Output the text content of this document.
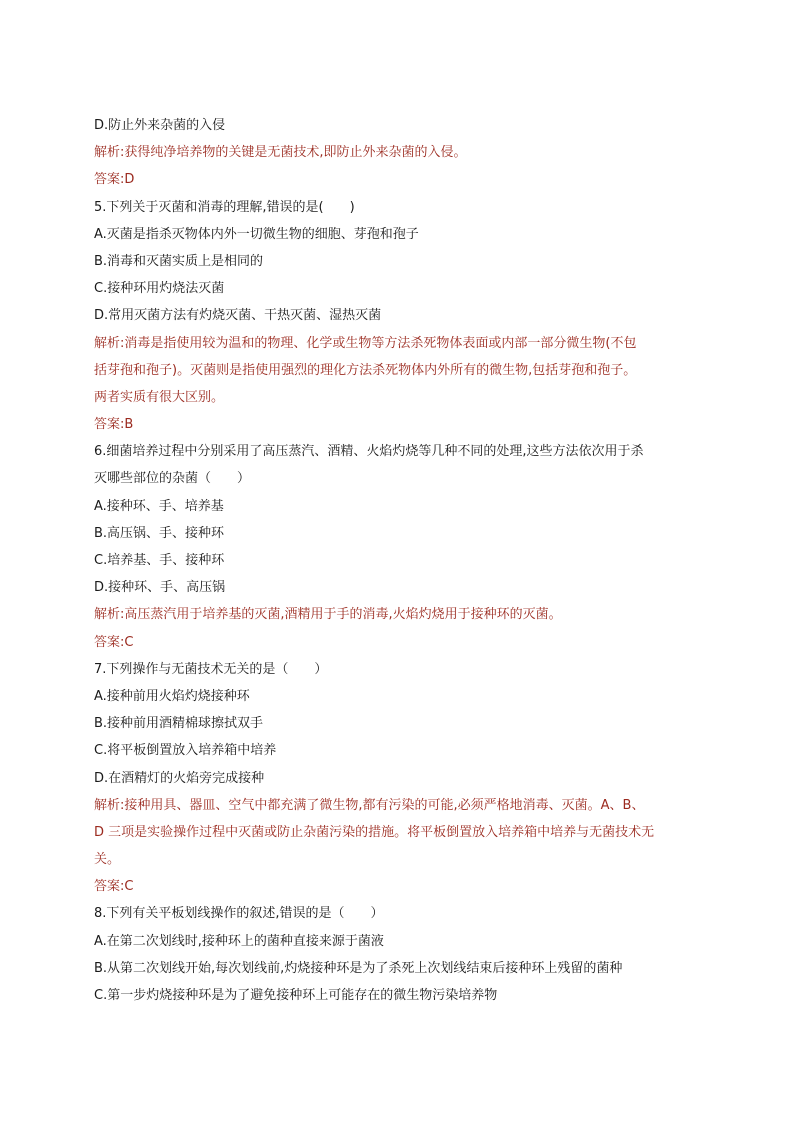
D.防止外来杂菌的入侵
解析:获得纯净培养物的关键是无菌技术,即防止外来杂菌的入侵。
答案:D
5.下列关于灭菌和消毒的理解,错误的是(　　)
A.灭菌是指杀灭物体内外一切微生物的细胞、芽孢和孢子
B.消毒和灭菌实质上是相同的
C.接种环用灼烧法灭菌
D.常用灭菌方法有灼烧灭菌、干热灭菌、湿热灭菌
解析:消毒是指使用较为温和的物理、化学或生物等方法杀死物体表面或内部一部分微生物(不包
括芽孢和孢子)。灭菌则是指使用强烈的理化方法杀死物体内外所有的微生物,包括芽孢和孢子。
两者实质有很大区别。
答案:B
6.细菌培养过程中分别采用了高压蒸汽、酒精、火焰灼烧等几种不同的处理,这些方法依次用于杀
灭哪些部位的杂菌（　　）
A.接种环、手、培养基
B.高压锅、手、接种环
C.培养基、手、接种环
D.接种环、手、高压锅
解析:高压蒸汽用于培养基的灭菌,酒精用于手的消毒,火焰灼烧用于接种环的灭菌。
答案:C
7.下列操作与无菌技术无关的是（　　）
A.接种前用火焰灼烧接种环
B.接种前用酒精棉球擦拭双手
C.将平板倒置放入培养箱中培养
D.在酒精灯的火焰旁完成接种
解析:接种用具、器皿、空气中都充满了微生物,都有污染的可能,必须严格地消毒、灭菌。A、B、
D 三项是实验操作过程中灭菌或防止杂菌污染的措施。将平板倒置放入培养箱中培养与无菌技术无
关。
答案:C
8.下列有关平板划线操作的叙述,错误的是（　　）
A.在第二次划线时,接种环上的菌种直接来源于菌液
B.从第二次划线开始,每次划线前,灼烧接种环是为了杀死上次划线结束后接种环上残留的菌种
C.第一步灼烧接种环是为了避免接种环上可能存在的微生物污染培养物
